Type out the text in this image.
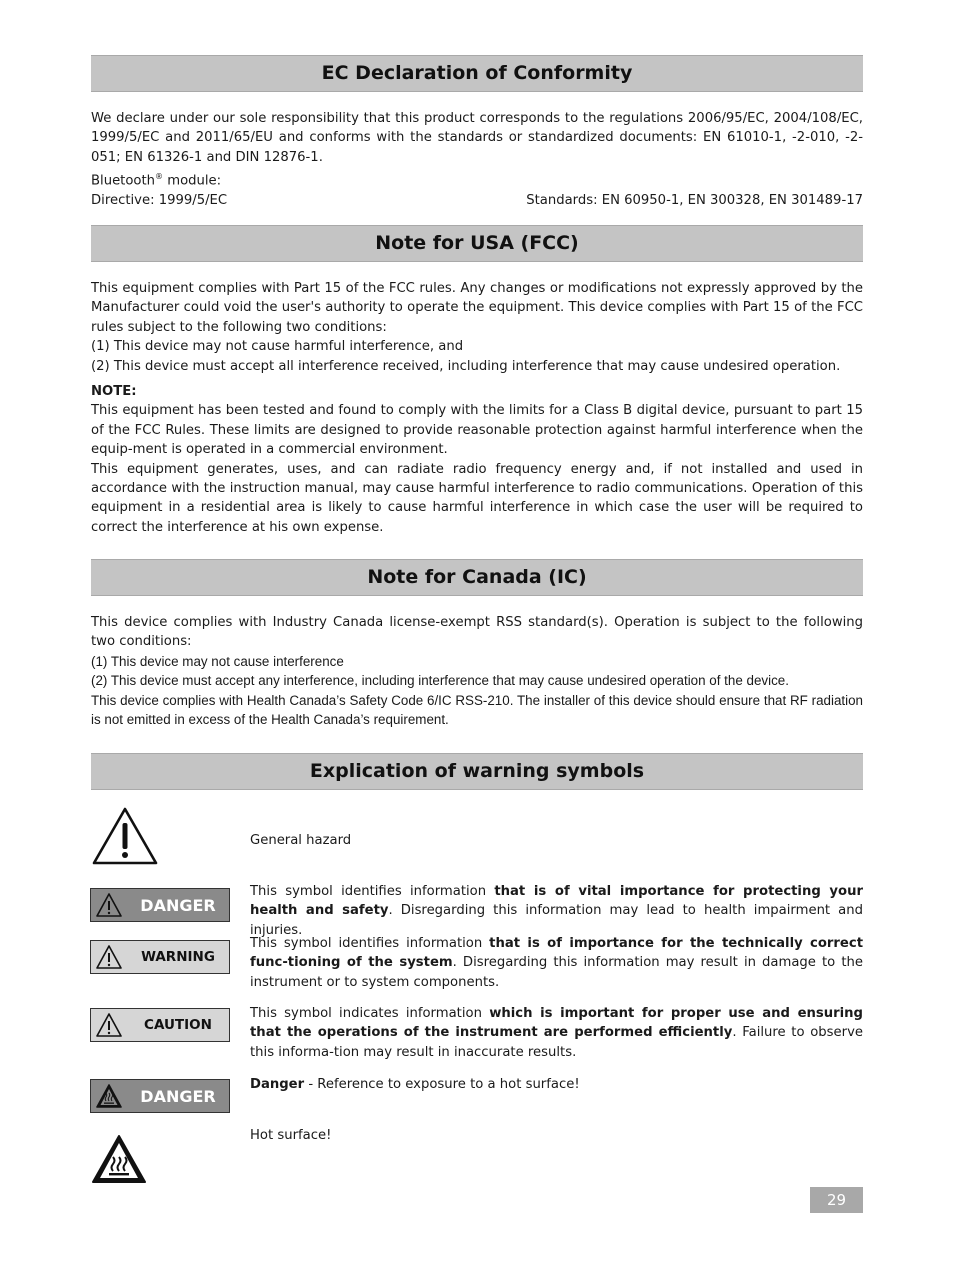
EC Declaration of Conformity

We declare under our sole responsibility that this product corresponds to the regulations 2006/95/EC, 2004/108/EC, 1999/5/EC and 2011/65/EU and conforms with the standards or standardized documents: EN 61010-1, -2-010, -2-051; EN 61326-1 and DIN 12876-1.

Bluetooth® module:

Directive: 1999/5/EC	Standards: EN 60950-1, EN 300328, EN 301489-17
Note for USA (FCC)

This equipment complies with Part 15 of the FCC rules. Any changes or modifications not expressly approved by the Manufacturer could void the user's authority to operate the equipment. This device complies with Part 15 of the FCC rules subject to the following two conditions:

(1) This device may not cause harmful interference, and

(2) This device must accept all interference received, including interference that may cause undesired operation.

NOTE:

This equipment has been tested and found to comply with the limits for a Class B digital device, pursuant to part 15 of the FCC Rules. These limits are designed to provide reasonable protection against harmful interference when the equip-ment is operated in a commercial environment.

This equipment generates, uses, and can radiate radio frequency energy and, if not installed and used in accordance with the instruction manual, may cause harmful interference to radio communications. Operation of this equipment in a residential area is likely to cause harmful interference in which case the user will be required to correct the interference at his own expense.

Note for Canada (IC)

This device complies with Industry Canada license-exempt RSS standard(s). Operation is subject to the following two conditions:

(1) This device may not cause interference

(2) This device must accept any interference, including interference that may cause undesired operation of the device.

This device complies with Health Canada’s Safety Code 6/IC RSS-210. The installer of this device should ensure that RF radiation is not emitted in excess of the Health Canada’s requirement.

Explication of warning symbols
General hazard
DANGER
This symbol identifies information that is of vital importance for protecting your health and safety. Disregarding this information may lead to health impairment and injuries.
WARNING
This symbol identifies information that is of importance for the technically correct func-tioning of the system. Disregarding this information may result in damage to the instrument or to system components.
CAUTION
This symbol indicates information which is important for proper use and ensuring that the operations of the instrument are performed efficiently. Failure to observe this informa-tion may result in inaccurate results.
DANGER
Danger - Reference to exposure to a hot surface!
Hot surface!
29
